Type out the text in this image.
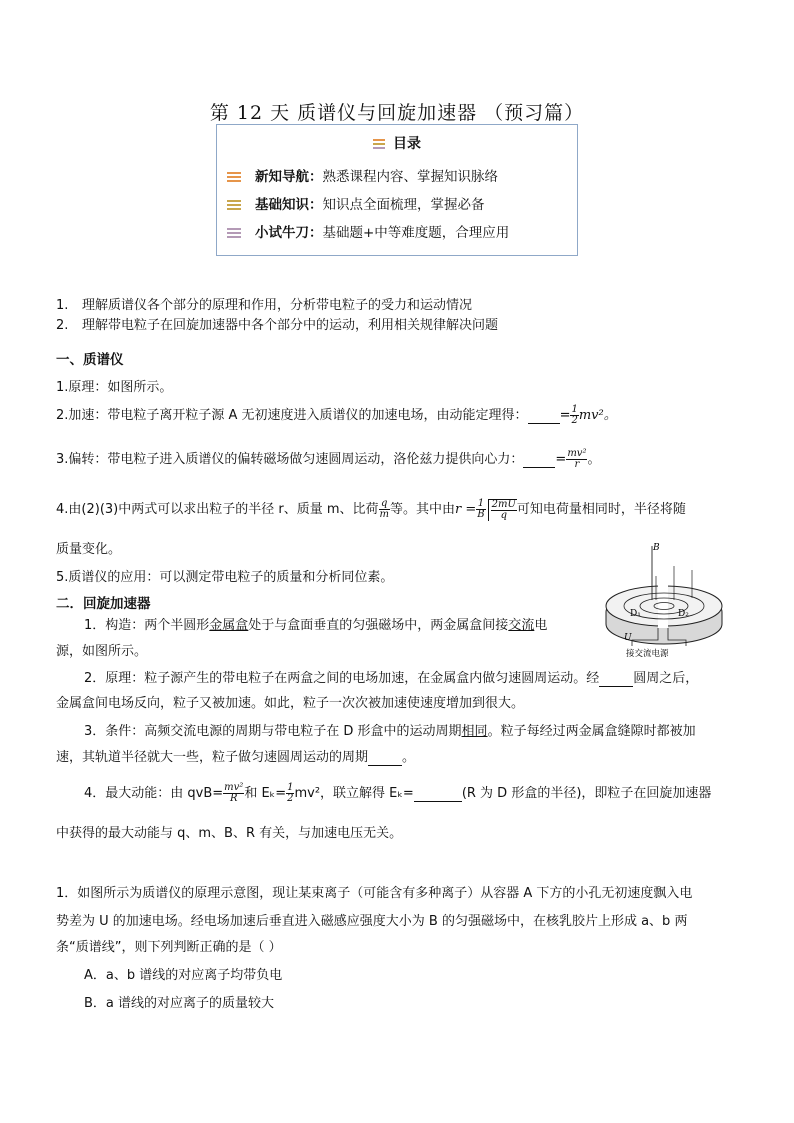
第 12 天 质谱仪与回旋加速器 （预习篇）
目录
新知导航：熟悉课程内容、掌握知识脉络
基础知识：知识点全面梳理，掌握必备
小试牛刀：基础题+中等难度题，合理应用
1. 理解质谱仪各个部分的原理和作用，分析带电粒子的受力和运动情况
2. 理解带电粒子在回旋加速器中各个部分中的运动，利用相关规律解决问题
一、质谱仪
1.原理：如图所示。
2.加速：带电粒子离开粒子源 A 无初速度进入质谱仪的加速电场，由动能定理得： = $\frac{1}{2} mv^2$。
3.偏转：带电粒子进入质谱仪的偏转磁场做匀速圆周运动，洛伦兹力提供向心力： = $\frac{\text{mv²}}{r}$ 。
4.由(2)(3)中两式可以求出粒子的半径 r、质量 m、比荷 $\frac{q}{m}$ 等。其中由$r = \frac{1}{B} \frac{2mU}{q}$ 可知电荷量相同时，半径将随
质量变化。
5.质谱仪的应用：可以测定带电粒子的质量和分析同位素。
二．回旋加速器
B
D₁	D₂
U
接交流电源
1．构造：两个半圆形金属盒处于与盒面垂直的匀强磁场中，两金属盒间接交流电
源，如图所示。
2．原理：粒子源产生的带电粒子在两盒之间的电场加速，在金属盒内做匀速圆周运动。经	圆周之后，
金属盒间电场反向，粒子又被加速。如此，粒子一次次被加速使速度增加到很大。
3．条件：高频交流电源的周期与带电粒子在 D 形盒中的运动周期相同。粒子每经过两金属盒缝隙时都被加
速，其轨道半径就大一些，粒子做匀速圆周运动的周期	。
4．最大动能：由 $qvB= \frac{\text{mv²}}{R}$ 和 $E_k= \frac{1}{2} mv^2$，联立解得 Eₖ=	(R 为 D 形盒的半径)，即粒子在回旋加速器
中获得的最大动能与 q、m、B、R 有关，与加速电压无关。
1．如图所示为质谱仪的原理示意图，现让某束离子（可能含有多种离子）从容器 A 下方的小孔无初速度飘入电
势差为 U 的加速电场。经电场加速后垂直进入磁感应强度大小为 B 的匀强磁场中，在核乳胶片上形成 a、b 两
条“质谱线”，则下列判断正确的是（ ）
A．a、b 谱线的对应离子均带负电
B．a 谱线的对应离子的质量较大
